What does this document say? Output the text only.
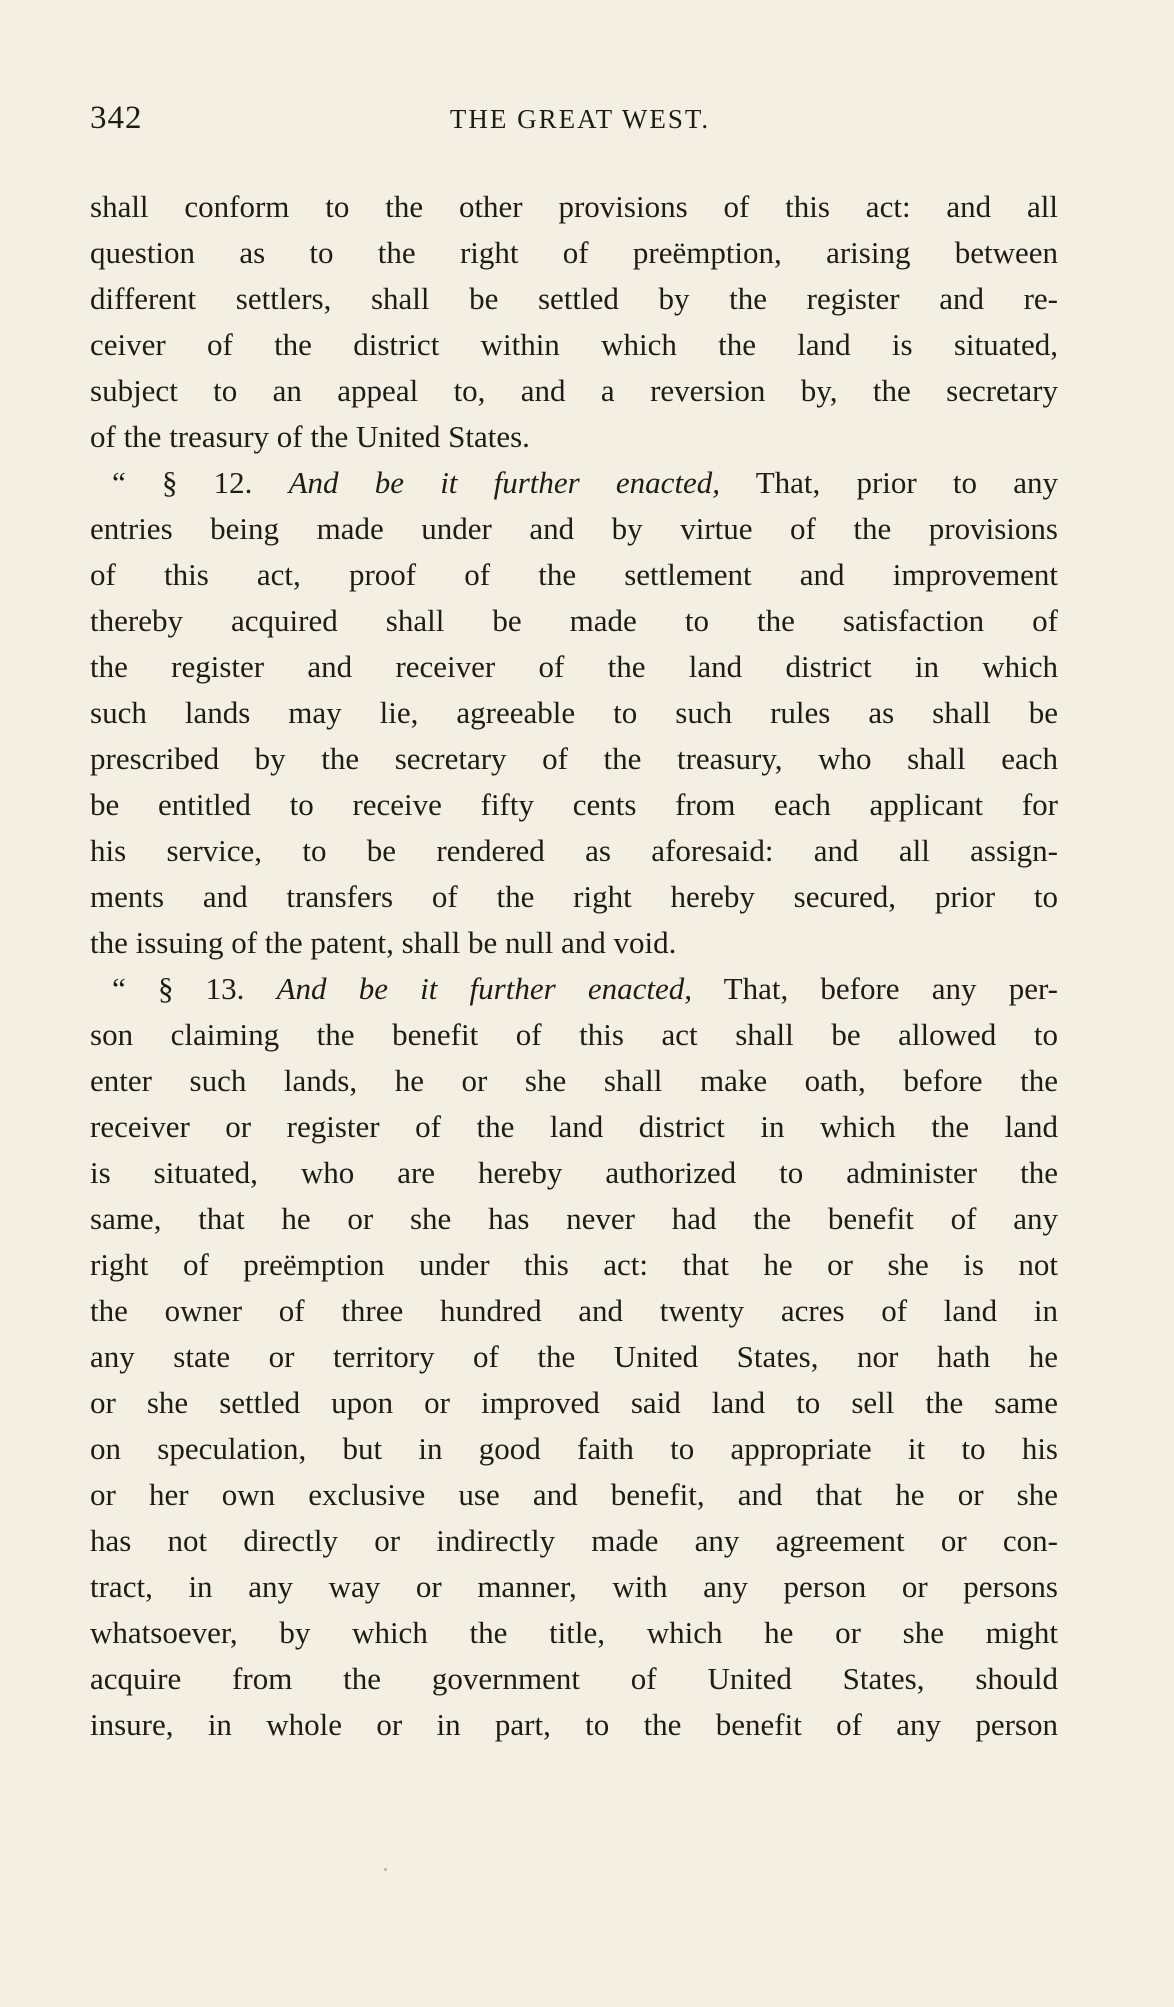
342	THE GREAT WEST.
shall conform to the other provisions of this act: and all
question as to the right of preëmption, arising between
different settlers, shall be settled by the register and re-
ceiver of the district within which the land is situated,
subject to an appeal to, and a reversion by, the secretary
of the treasury of the United States.
“ § 12. And be it further enacted, That, prior to any
entries being made under and by virtue of the provisions
of this act, proof of the settlement and improvement
thereby acquired shall be made to the satisfaction of
the register and receiver of the land district in which
such lands may lie, agreeable to such rules as shall be
prescribed by the secretary of the treasury, who shall each
be entitled to receive fifty cents from each applicant for
his service, to be rendered as aforesaid: and all assign-
ments and transfers of the right hereby secured, prior to
the issuing of the patent, shall be null and void.
“ § 13. And be it further enacted, That, before any per-
son claiming the benefit of this act shall be allowed to
enter such lands, he or she shall make oath, before the
receiver or register of the land district in which the land
is situated, who are hereby authorized to administer the
same, that he or she has never had the benefit of any
right of preëmption under this act: that he or she is not
the owner of three hundred and twenty acres of land in
any state or territory of the United States, nor hath he
or she settled upon or improved said land to sell the same
on speculation, but in good faith to appropriate it to his
or her own exclusive use and benefit, and that he or she
has not directly or indirectly made any agreement or con-
tract, in any way or manner, with any person or persons
whatsoever, by which the title, which he or she might
acquire from the government of United States, should
insure, in whole or in part, to the benefit of any person
